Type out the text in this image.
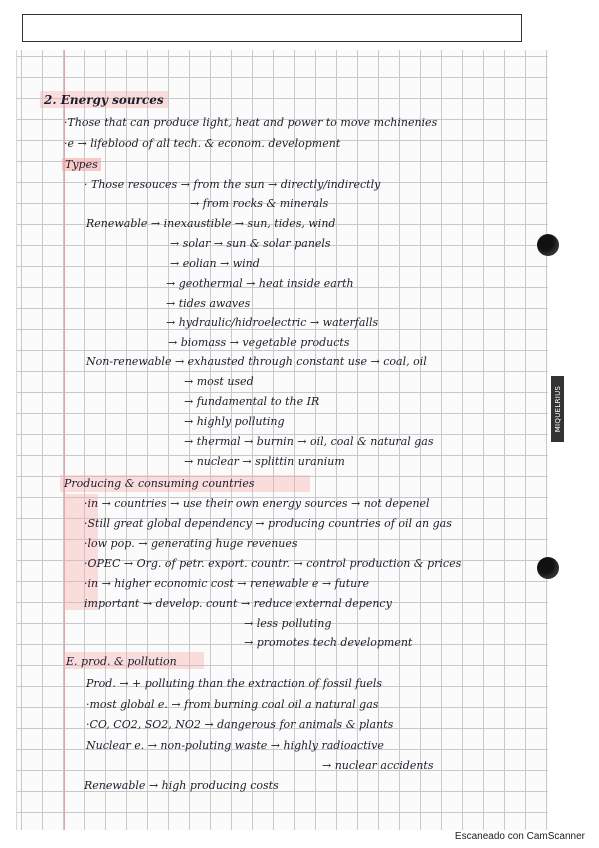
MIQUELRIUS
2. Energy sources
·Those that can produce light, heat and power to move mchinenies
·e → lifeblood of all tech. & econom. development
Types
· Those resouces → from the sun → directly/indirectly
→ from rocks & minerals
Renewable → inexaustible → sun, tides, wind
→ solar → sun & solar panels
→ eolian → wind
→ geothermal → heat inside earth
→ tides awaves
→ hydraulic/hidroelectric → waterfalls
→ biomass → vegetable products
Non-renewable → exhausted through constant use → coal, oil
→ most used
→ fundamental to the IR
→ highly polluting
→ thermal → burnin → oil, coal & natural gas
→ nuclear → splittin uranium
Producing & consuming countries
·in → countries → use their own energy sources → not depenel
·Still great global dependency → producing countries of oil an gas
·low pop. → generating huge revenues
·OPEC → Org. of petr. export. countr. → control production & prices
·in → higher economic cost → renewable e → future
important → develop. count → reduce external depency
→ less polluting
→ promotes tech development
E. prod. & pollution
Prod. → + polluting than the extraction of fossil fuels
·most global e. → from burning coal oil a natural gas
·CO, CO2, SO2, NO2 → dangerous for animals & plants
Nuclear e. → non-poluting waste → highly radioactive
→ nuclear accidents
Renewable → high producing costs
Escaneado con CamScanner
